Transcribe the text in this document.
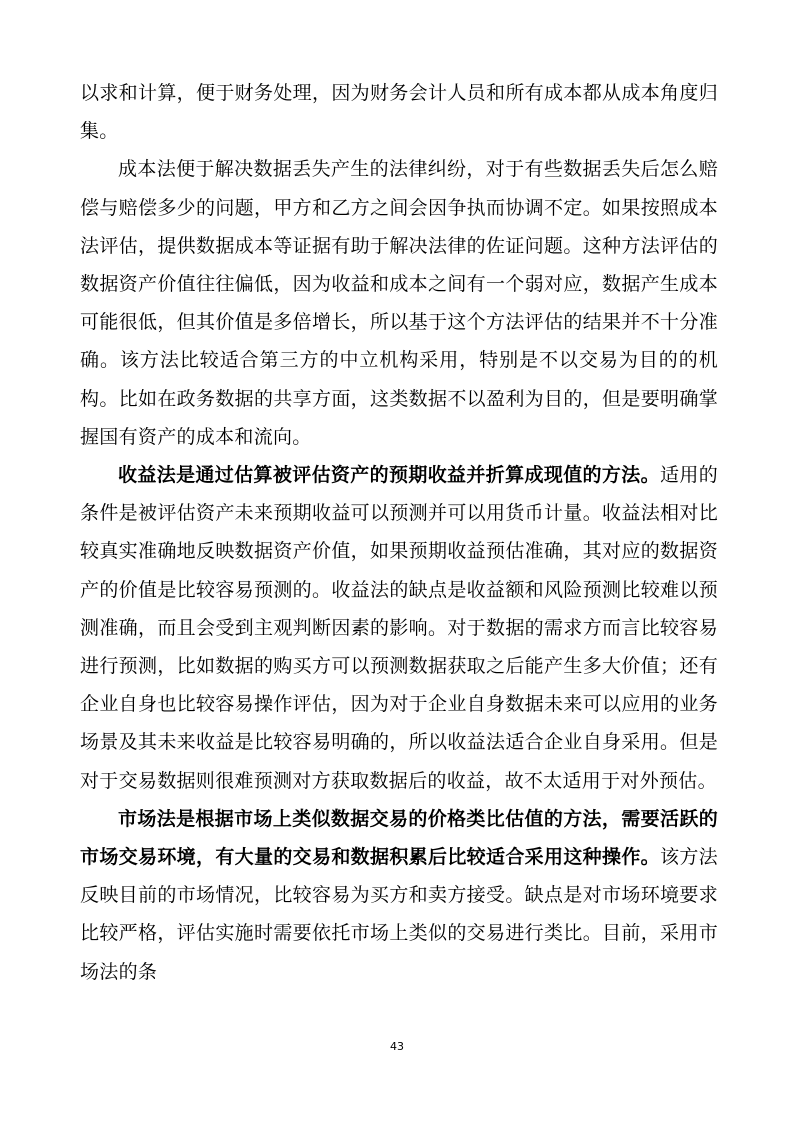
以求和计算，便于财务处理，因为财务会计人员和所有成本都从成本角度归集。

成本法便于解决数据丢失产生的法律纠纷，对于有些数据丢失后怎么赔偿与赔偿多少的问题，甲方和乙方之间会因争执而协调不定。如果按照成本法评估，提供数据成本等证据有助于解决法律的佐证问题。这种方法评估的数据资产价值往往偏低，因为收益和成本之间有一个弱对应，数据产生成本可能很低，但其价值是多倍增长，所以基于这个方法评估的结果并不十分准确。该方法比较适合第三方的中立机构采用，特别是不以交易为目的的机构。比如在政务数据的共享方面，这类数据不以盈利为目的，但是要明确掌握国有资产的成本和流向。

收益法是通过估算被评估资产的预期收益并折算成现值的方法。适用的条件是被评估资产未来预期收益可以预测并可以用货币计量。收益法相对比较真实准确地反映数据资产价值，如果预期收益预估准确，其对应的数据资产的价值是比较容易预测的。收益法的缺点是收益额和风险预测比较难以预测准确，而且会受到主观判断因素的影响。对于数据的需求方而言比较容易进行预测，比如数据的购买方可以预测数据获取之后能产生多大价值；还有企业自身也比较容易操作评估，因为对于企业自身数据未来可以应用的业务场景及其未来收益是比较容易明确的，所以收益法适合企业自身采用。但是对于交易数据则很难预测对方获取数据后的收益，故不太适用于对外预估。

市场法是根据市场上类似数据交易的价格类比估值的方法，需要活跃的市场交易环境，有大量的交易和数据积累后比较适合采用这种操作。该方法反映目前的市场情况，比较容易为买方和卖方接受。缺点是对市场环境要求比较严格，评估实施时需要依托市场上类似的交易进行类比。目前，采用市场法的条

43
